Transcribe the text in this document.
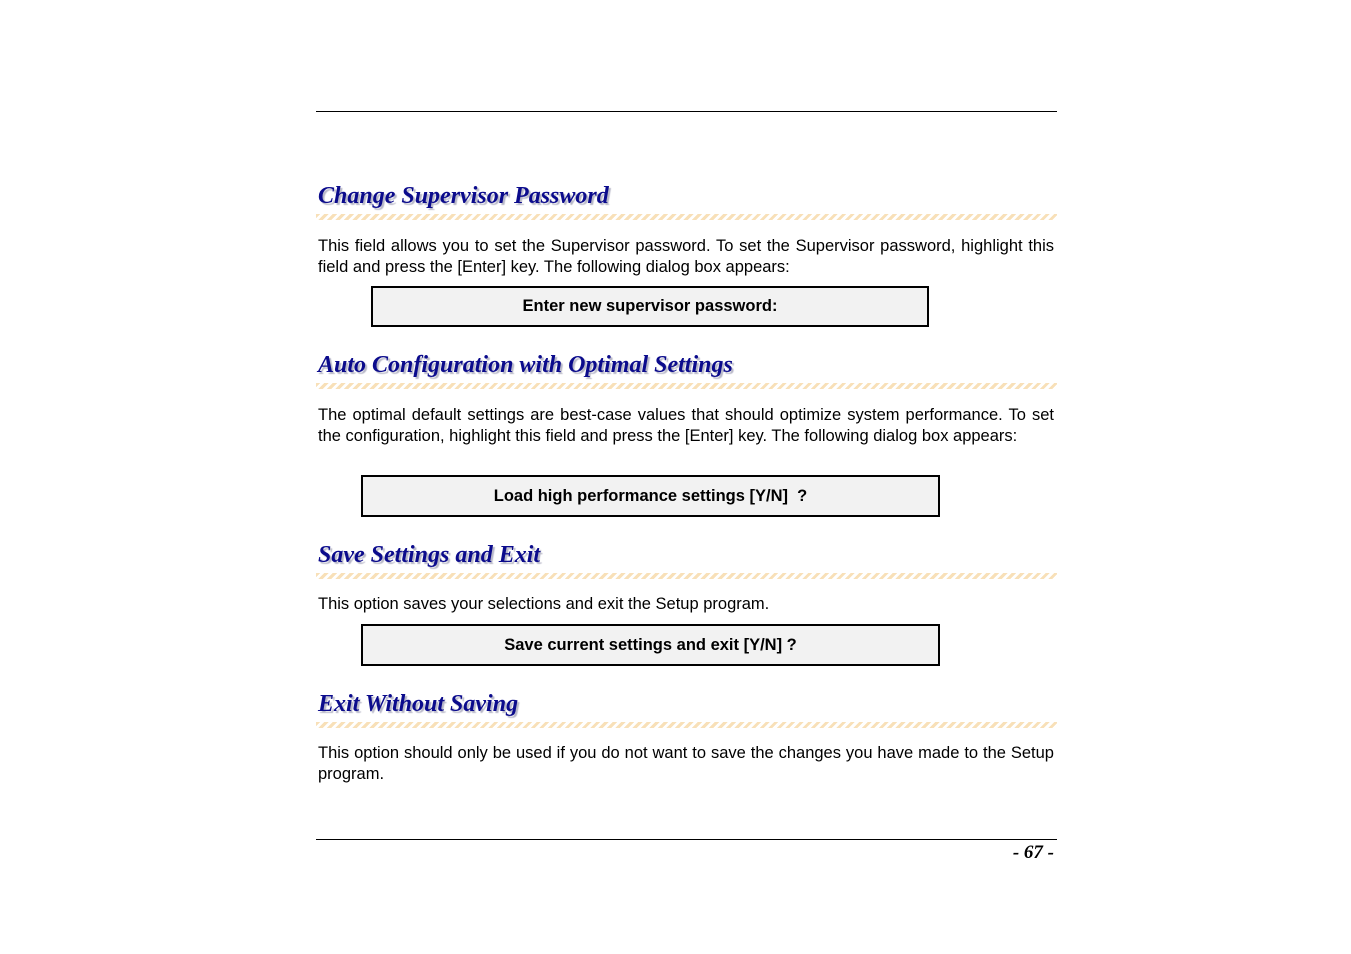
Change Supervisor Password

This field allows you to set the Supervisor password. To set the Supervisor password, highlight this field and press the [Enter] key. The following dialog box appears:

Enter new supervisor password:
Auto Configuration with Optimal Settings

The optimal default settings are best-case values that should optimize system performance. To set the configuration, highlight this field and press the [Enter] key. The following dialog box appears:

Load high performance settings [Y/N]  ?
Save Settings and Exit

This option saves your selections and exit the Setup program.

Save current settings and exit [Y/N] ?
Exit Without Saving

This option should only be used if you do not want to save the changes you have made to the Setup program.

- 67 -
